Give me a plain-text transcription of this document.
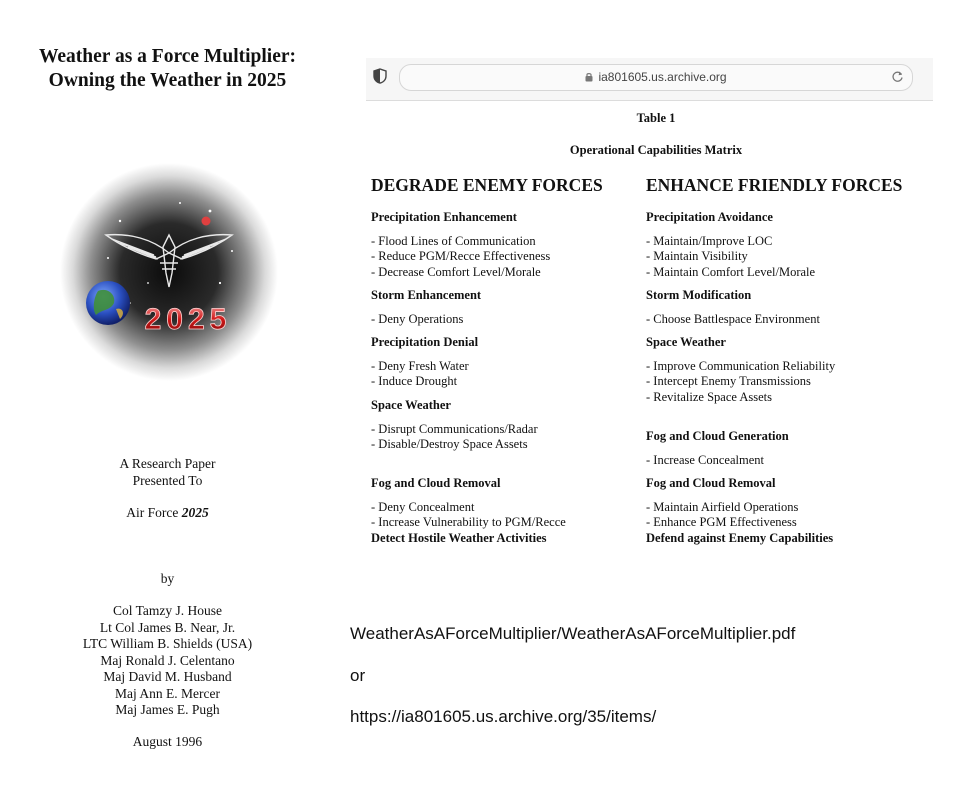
Weather as a Force Multiplier:
Owning the Weather in 2025
2025
A Research Paper
Presented To
Air Force 2025
by
Col Tamzy J. House
Lt Col James B. Near, Jr.
LTC William B. Shields (USA)
Maj Ronald J. Celentano
Maj David M. Husband
Maj Ann E. Mercer
Maj James E. Pugh
August 1996
ia801605.us.archive.org
Table 1
Operational Capabilities Matrix
DEGRADE ENEMY FORCES
Precipitation Enhancement
- Flood Lines of Communication
- Reduce PGM/Recce Effectiveness
- Decrease Comfort Level/Morale
Storm Enhancement
- Deny Operations
Precipitation Denial
- Deny Fresh Water
- Induce Drought
Space Weather
- Disrupt Communications/Radar
- Disable/Destroy Space Assets
Fog and Cloud Removal
- Deny Concealment
- Increase Vulnerability to PGM/Recce
Detect Hostile Weather Activities
ENHANCE FRIENDLY FORCES
Precipitation Avoidance
- Maintain/Improve LOC
- Maintain Visibility
- Maintain Comfort Level/Morale
Storm Modification
- Choose Battlespace Environment
Space Weather
- Improve Communication Reliability
- Intercept Enemy Transmissions
- Revitalize Space Assets
Fog and Cloud Generation
- Increase Concealment
Fog and Cloud Removal
- Maintain Airfield Operations
- Enhance PGM Effectiveness
Defend against Enemy Capabilities
WeatherAsAForceMultiplier/WeatherAsAForceMultiplier.pdf
or
https://ia801605.us.archive.org/35/items/
